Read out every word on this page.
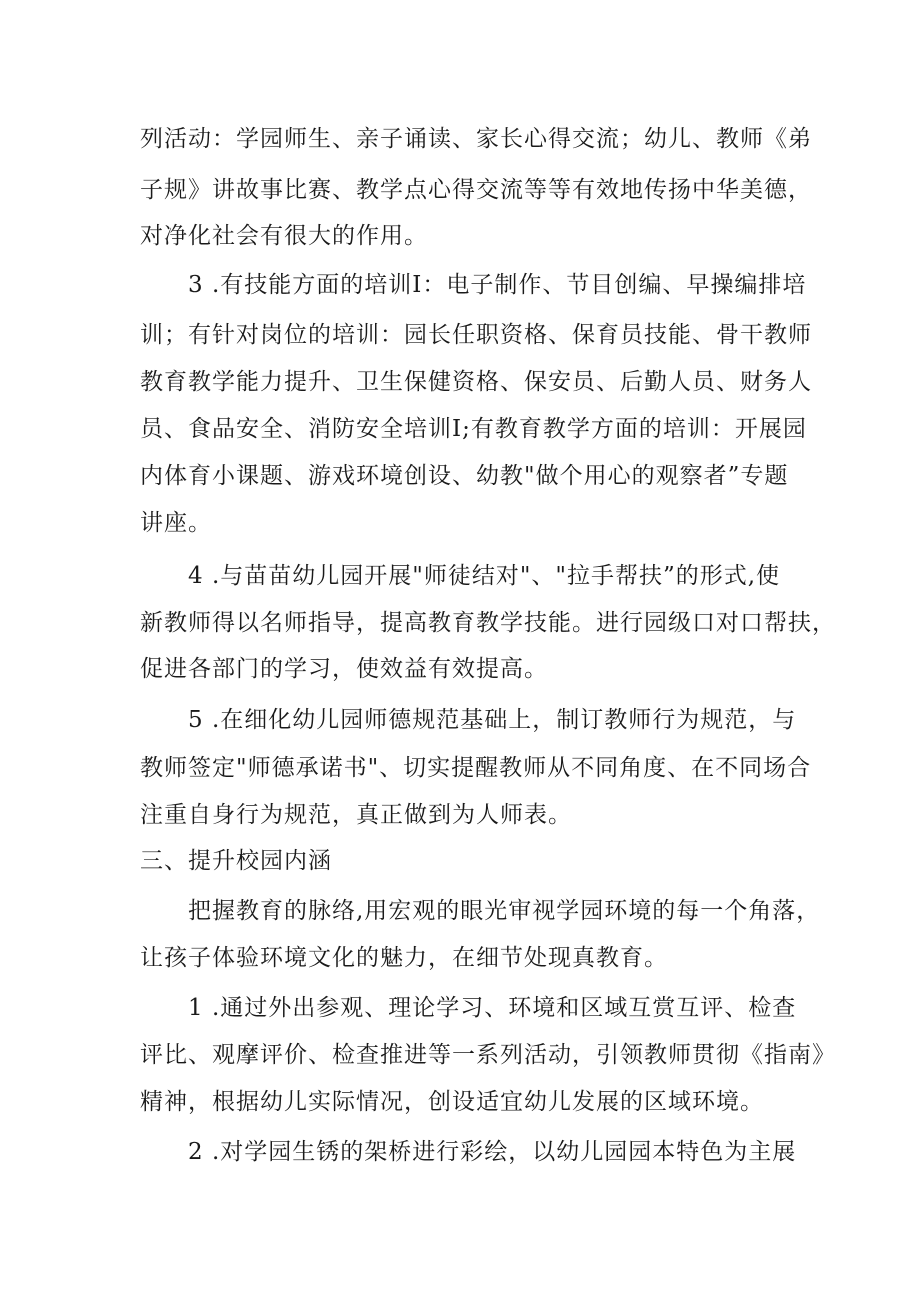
列活动：学园师生、亲子诵读、家长心得交流；幼儿、教师《弟

子规》讲故事比赛、教学点心得交流等等有效地传扬中华美德，

对净化社会有很大的作用。

3 .有技能方面的培训I：电子制作、节目创编、早操编排培

训；有针对岗位的培训：园长任职资格、保育员技能、骨干教师

教育教学能力提升、卫生保健资格、保安员、后勤人员、财务人

员、食品安全、消防安全培训I;有教育教学方面的培训：开展园

内体育小课题、游戏环境创设、幼教"做个用心的观察者”专题

讲座。

4 .与苗苗幼儿园开展"师徒结对"、"拉手帮扶”的形式,使

新教师得以名师指导，提高教育教学技能。进行园级口对口帮扶，

促进各部门的学习，使效益有效提高。

5 .在细化幼儿园师德规范基础上，制订教师行为规范，与

教师签定"师德承诺书"、切实提醒教师从不同角度、在不同场合

注重自身行为规范，真正做到为人师表。

三、提升校园内涵

把握教育的脉络,用宏观的眼光审视学园环境的每一个角落，

让孩子体验环境文化的魅力，在细节处现真教育。

1 .通过外出参观、理论学习、环境和区域互赏互评、检查

评比、观摩评价、检查推进等一系列活动，引领教师贯彻《指南》

精神，根据幼儿实际情况，创设适宜幼儿发展的区域环境。

2 .对学园生锈的架桥进行彩绘，以幼儿园园本特色为主展
